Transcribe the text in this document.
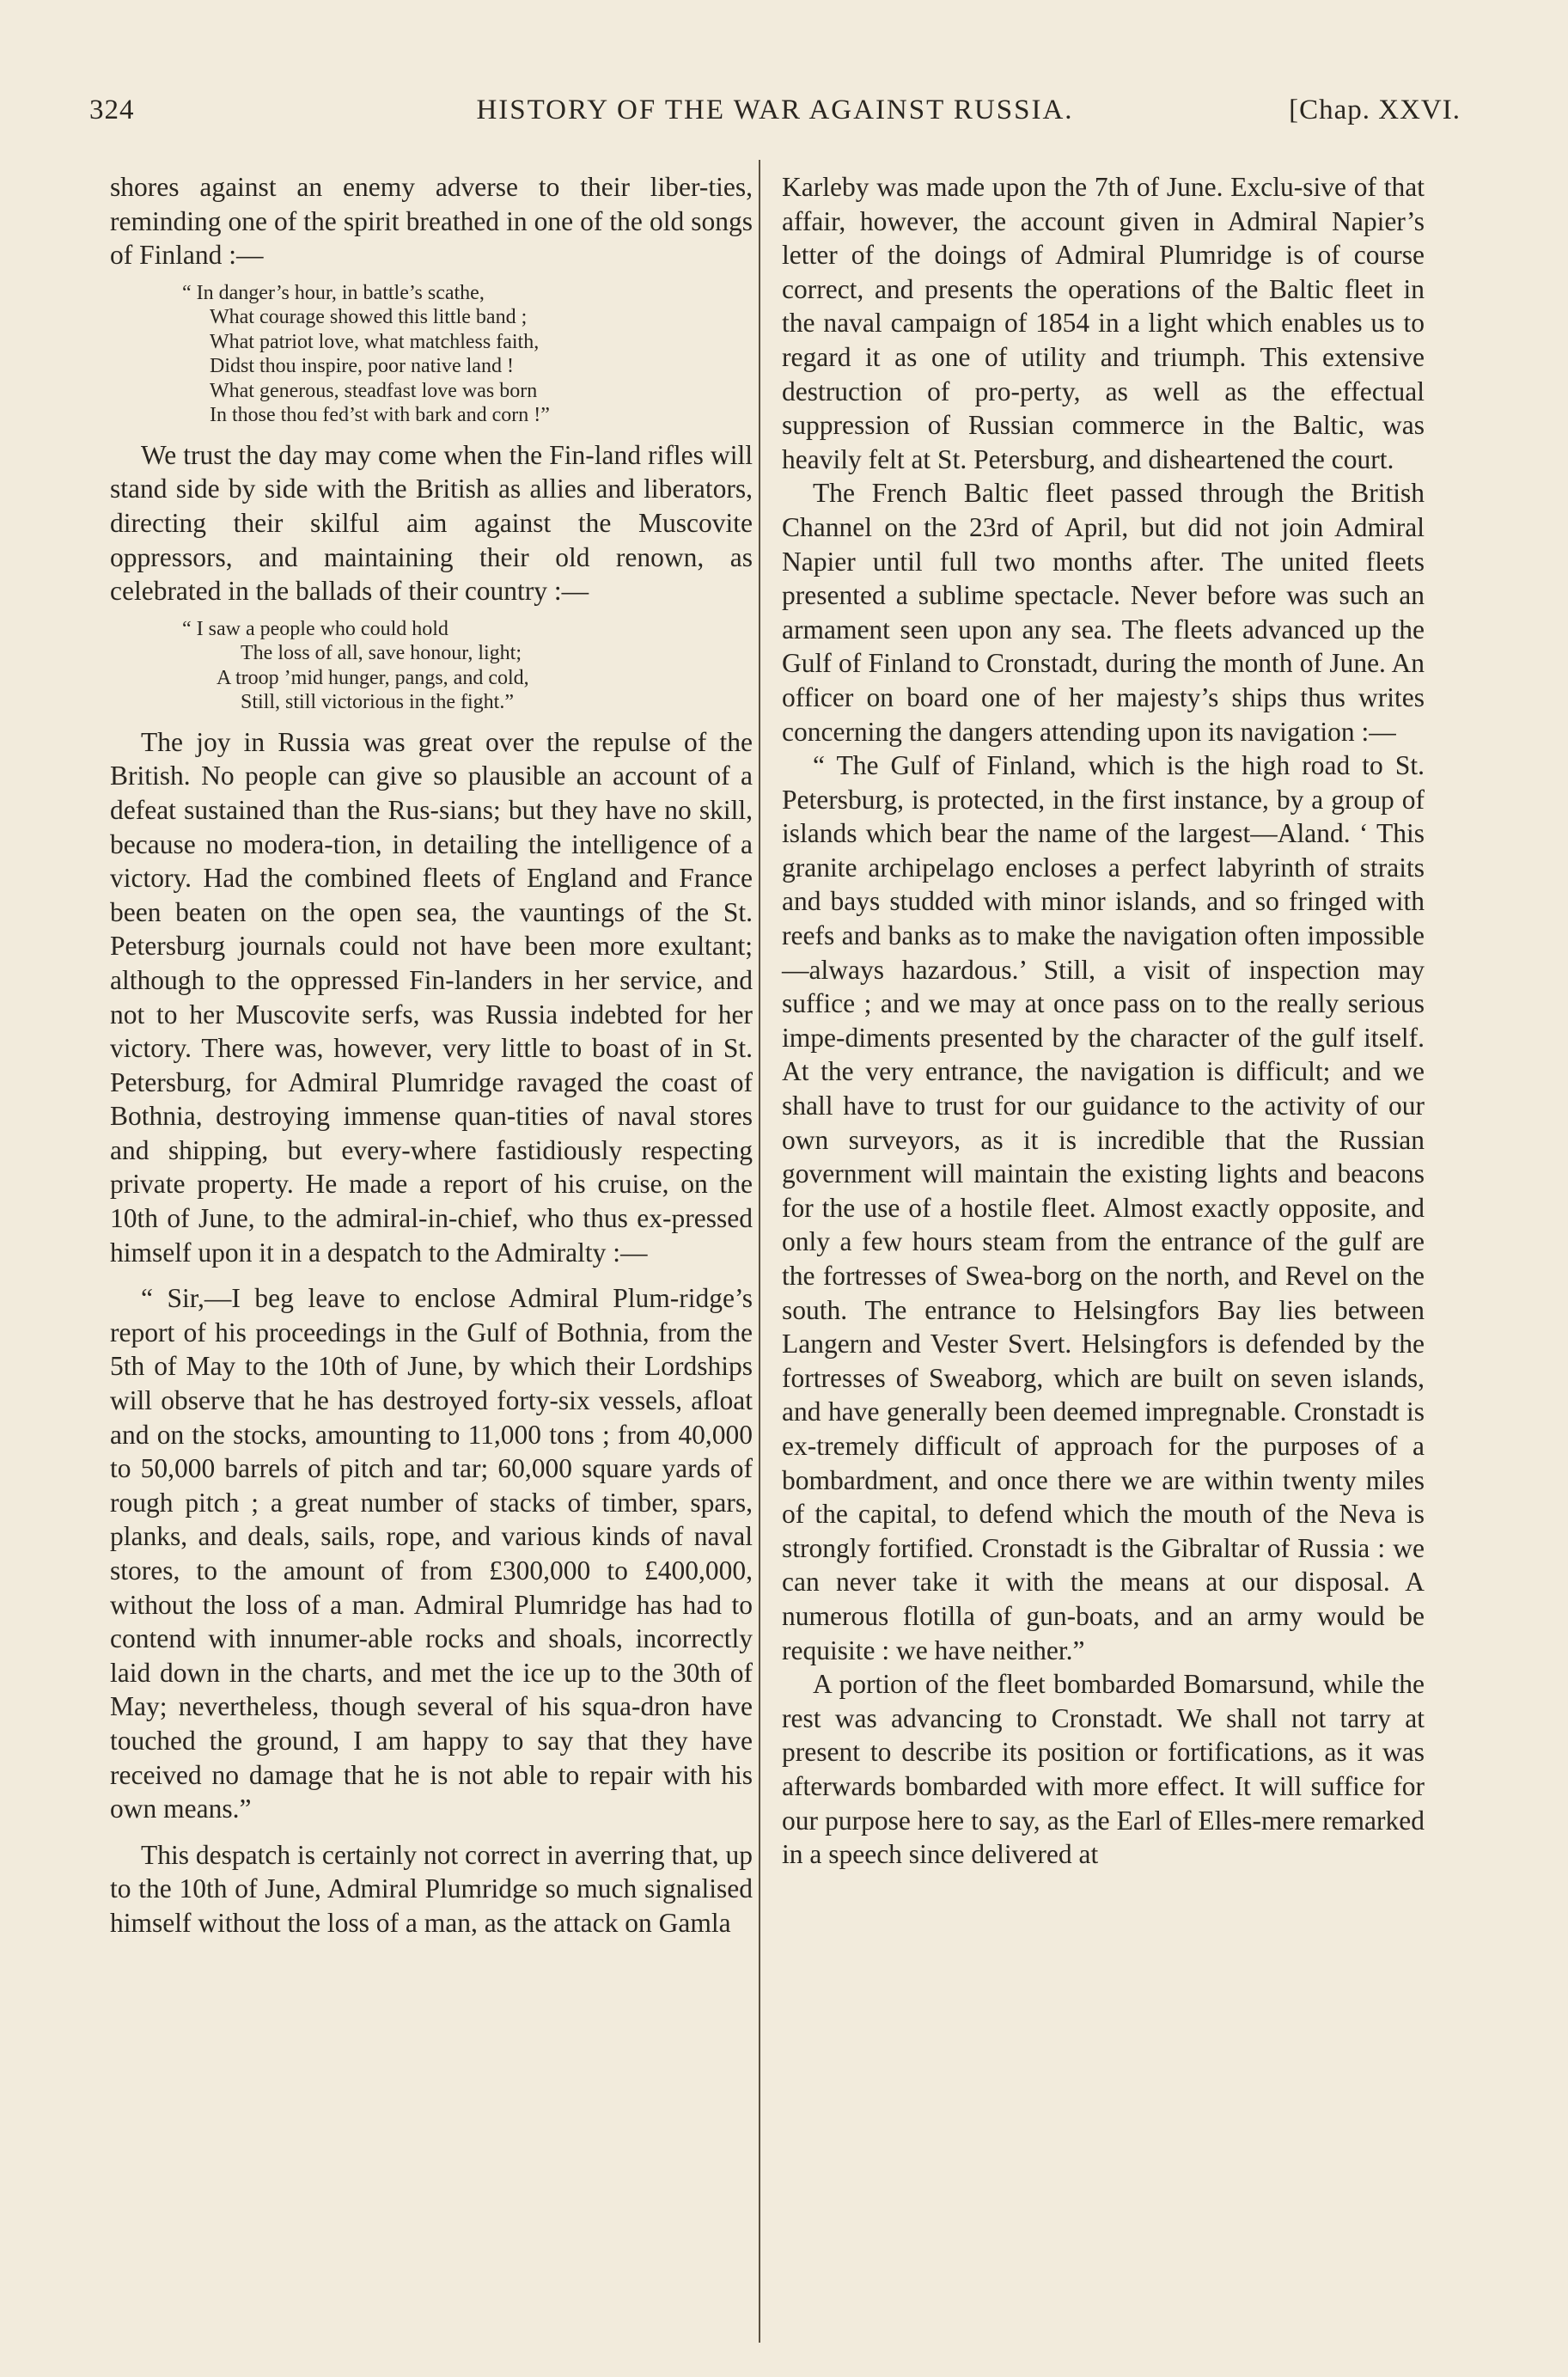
324	HISTORY OF THE WAR AGAINST RUSSIA.	[Chap. XXVI.

shores against an enemy adverse to their liber-ties, reminding one of the spirit breathed in one of the old songs of Finland :—

“ In danger’s hour, in battle’s scathe,
What courage showed this little band ;
What patriot love, what matchless faith,
Didst thou inspire, poor native land !
What generous, steadfast love was born
In those thou fed’st with bark and corn !”

We trust the day may come when the Fin-land rifles will stand side by side with the British as allies and liberators, directing their skilful aim against the Muscovite oppressors, and maintaining their old renown, as celebrated in the ballads of their country :—

“ I saw a people who could hold
The loss of all, save honour, light;
A troop ’mid hunger, pangs, and cold,
Still, still victorious in the fight.”

The joy in Russia was great over the repulse of the British. No people can give so plausible an account of a defeat sustained than the Rus-sians; but they have no skill, because no modera-tion, in detailing the intelligence of a victory. Had the combined fleets of England and France been beaten on the open sea, the vauntings of the St. Petersburg journals could not have been more exultant; although to the oppressed Fin-landers in her service, and not to her Muscovite serfs, was Russia indebted for her victory. There was, however, very little to boast of in St. Petersburg, for Admiral Plumridge ravaged the coast of Bothnia, destroying immense quan-tities of naval stores and shipping, but every-where fastidiously respecting private property. He made a report of his cruise, on the 10th of June, to the admiral-in-chief, who thus ex-pressed himself upon it in a despatch to the Admiralty :—

“ Sir,—I beg leave to enclose Admiral Plum-ridge’s report of his proceedings in the Gulf of Bothnia, from the 5th of May to the 10th of June, by which their Lordships will observe that he has destroyed forty-six vessels, afloat and on the stocks, amounting to 11,000 tons ; from 40,000 to 50,000 barrels of pitch and tar; 60,000 square yards of rough pitch ; a great number of stacks of timber, spars, planks, and deals, sails, rope, and various kinds of naval stores, to the amount of from £300,000 to £400,000, without the loss of a man. Admiral Plumridge has had to contend with innumer-able rocks and shoals, incorrectly laid down in the charts, and met the ice up to the 30th of May; nevertheless, though several of his squa-dron have touched the ground, I am happy to say that they have received no damage that he is not able to repair with his own means.”

This despatch is certainly not correct in averring that, up to the 10th of June, Admiral Plumridge so much signalised himself without the loss of a man, as the attack on Gamla

Karleby was made upon the 7th of June. Exclu-sive of that affair, however, the account given in Admiral Napier’s letter of the doings of Admiral Plumridge is of course correct, and presents the operations of the Baltic fleet in the naval campaign of 1854 in a light which enables us to regard it as one of utility and triumph. This extensive destruction of pro-perty, as well as the effectual suppression of Russian commerce in the Baltic, was heavily felt at St. Petersburg, and disheartened the court.

The French Baltic fleet passed through the British Channel on the 23rd of April, but did not join Admiral Napier until full two months after. The united fleets presented a sublime spectacle. Never before was such an armament seen upon any sea. The fleets advanced up the Gulf of Finland to Cronstadt, during the month of June. An officer on board one of her majesty’s ships thus writes concerning the dangers attending upon its navigation :—

“ The Gulf of Finland, which is the high road to St. Petersburg, is protected, in the first instance, by a group of islands which bear the name of the largest—Aland. ‘ This granite archipelago encloses a perfect labyrinth of straits and bays studded with minor islands, and so fringed with reefs and banks as to make the navigation often impossible—always hazardous.’ Still, a visit of inspection may suffice ; and we may at once pass on to the really serious impe-diments presented by the character of the gulf itself. At the very entrance, the navigation is difficult; and we shall have to trust for our guidance to the activity of our own surveyors, as it is incredible that the Russian government will maintain the existing lights and beacons for the use of a hostile fleet. Almost exactly opposite, and only a few hours steam from the entrance of the gulf are the fortresses of Swea-borg on the north, and Revel on the south. The entrance to Helsingfors Bay lies between Langern and Vester Svert. Helsingfors is defended by the fortresses of Sweaborg, which are built on seven islands, and have generally been deemed impregnable. Cronstadt is ex-tremely difficult of approach for the purposes of a bombardment, and once there we are within twenty miles of the capital, to defend which the mouth of the Neva is strongly fortified. Cronstadt is the Gibraltar of Russia : we can never take it with the means at our disposal. A numerous flotilla of gun-boats, and an army would be requisite : we have neither.”

A portion of the fleet bombarded Bomarsund, while the rest was advancing to Cronstadt. We shall not tarry at present to describe its position or fortifications, as it was afterwards bombarded with more effect. It will suffice for our purpose here to say, as the Earl of Elles-mere remarked in a speech since delivered at
